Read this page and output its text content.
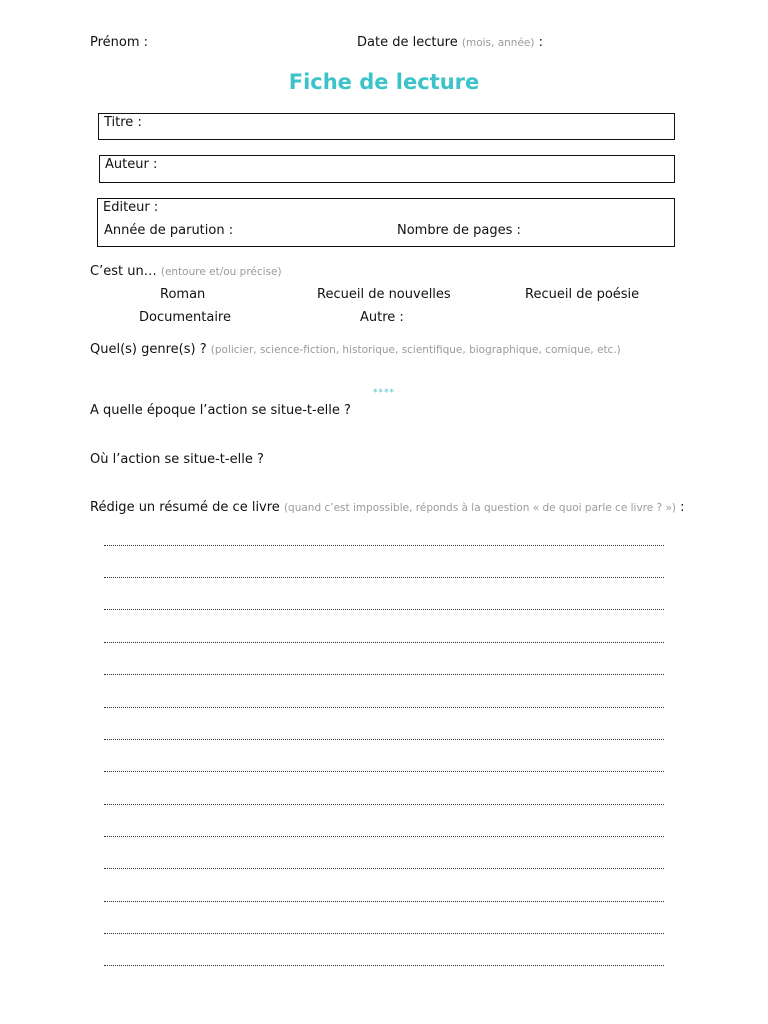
Prénom :	Date de lecture (mois, année) :
Fiche de lecture
Titre :
Auteur :
Editeur :
Année de parution :	Nombre de pages :
C’est un… (entoure et/ou précise)
Roman	Recueil de nouvelles	Recueil de poésie
Documentaire	Autre :
Quel(s) genre(s) ? (policier, science-fiction, historique, scientifique, biographique, comique, etc.)
****
A quelle époque l’action se situe-t-elle ?
Où l’action se situe-t-elle ?
Rédige un résumé de ce livre (quand c’est impossible, réponds à la question « de quoi parle ce livre ? ») :
